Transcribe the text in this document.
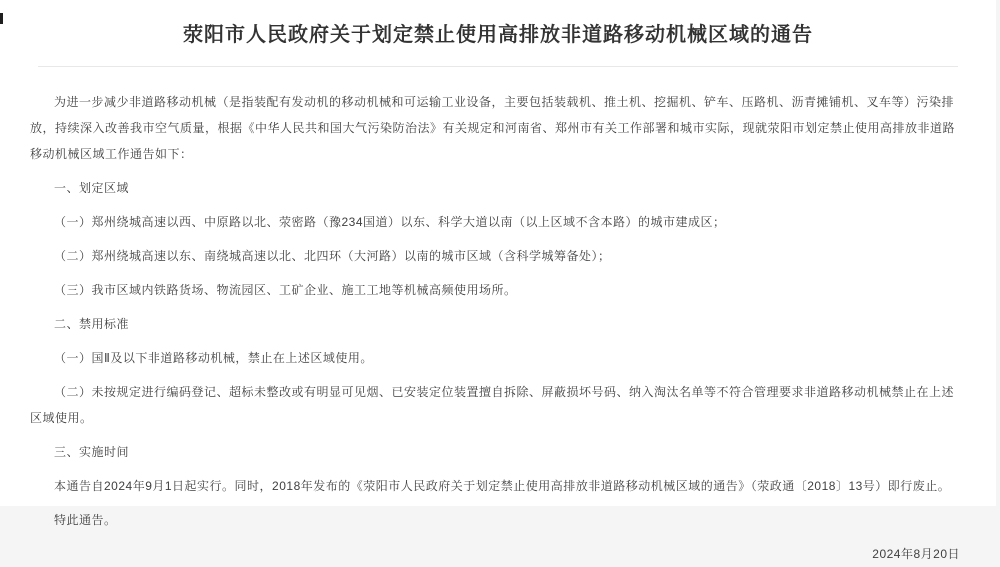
荥阳市人民政府关于划定禁止使用高排放非道路移动机械区域的通告

为进一步减少非道路移动机械（是指装配有发动机的移动机械和可运输工业设备，主要包括装载机、推土机、挖掘机、铲车、压路机、沥青摊铺机、叉车等）污染排放，持续深入改善我市空气质量，根据《中华人民共和国大气污染防治法》有关规定和河南省、郑州市有关工作部署和城市实际，现就荥阳市划定禁止使用高排放非道路移动机械区域工作通告如下：

一、划定区域

（一）郑州绕城高速以西、中原路以北、荥密路（豫234国道）以东、科学大道以南（以上区域不含本路）的城市建成区；

（二）郑州绕城高速以东、南绕城高速以北、北四环（大河路）以南的城市区域（含科学城筹备处）；

（三）我市区域内铁路货场、物流园区、工矿企业、施工工地等机械高频使用场所。

二、禁用标准

（一）国Ⅱ及以下非道路移动机械，禁止在上述区域使用。

（二）未按规定进行编码登记、超标未整改或有明显可见烟、已安装定位装置擅自拆除、屏蔽损坏号码、纳入淘汰名单等不符合管理要求非道路移动机械禁止在上述区域使用。

三、实施时间

本通告自2024年9月1日起实行。同时，2018年发布的《荥阳市人民政府关于划定禁止使用高排放非道路移动机械区域的通告》（荥政通〔2018〕13号）即行废止。

特此通告。

2024年8月20日
